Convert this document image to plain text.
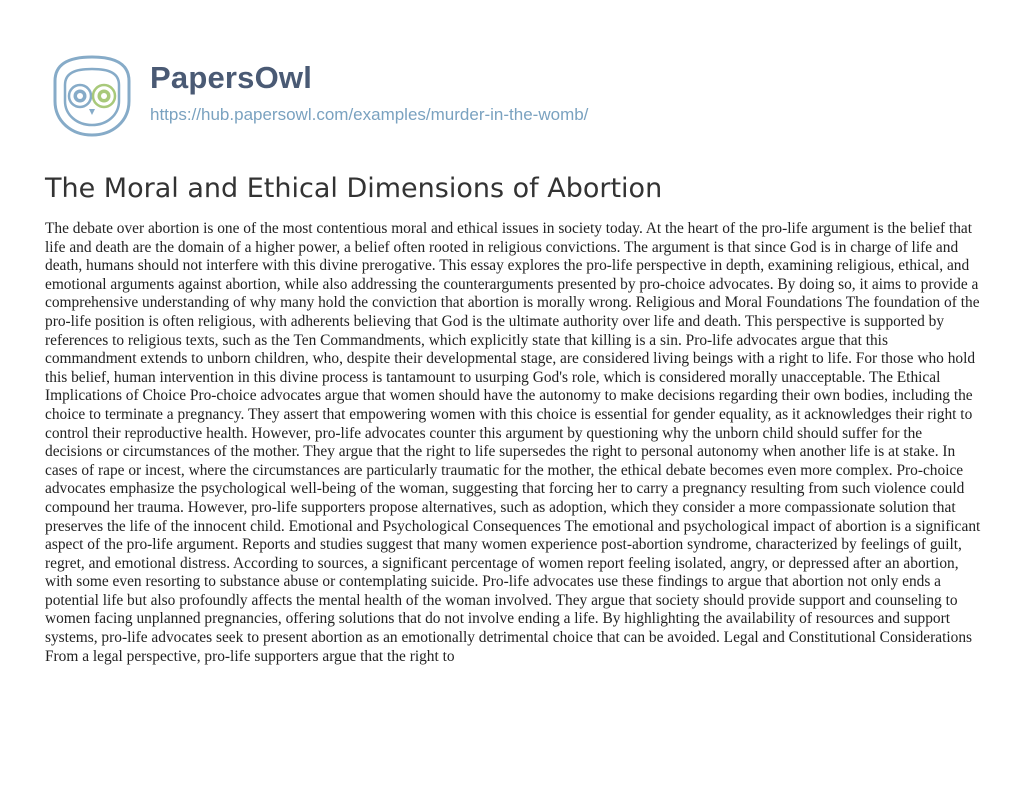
PapersOwl
https://hub.papersowl.com/examples/murder-in-the-womb/
The Moral and Ethical Dimensions of Abortion

The debate over abortion is one of the most contentious moral and ethical issues in society today. At the heart of the pro-life argument is the belief that life and death are the domain of a higher power, a belief often rooted in religious convictions. The argument is that since God is in charge of life and death, humans should not interfere with this divine prerogative. This essay explores the pro-life perspective in depth, examining religious, ethical, and emotional arguments against abortion, while also addressing the counterarguments presented by pro-choice advocates. By doing so, it aims to provide a comprehensive understanding of why many hold the conviction that abortion is morally wrong. Religious and Moral Foundations The foundation of the pro-life position is often religious, with adherents believing that God is the ultimate authority over life and death. This perspective is supported by references to religious texts, such as the Ten Commandments, which explicitly state that killing is a sin. Pro-life advocates argue that this commandment extends to unborn children, who, despite their developmental stage, are considered living beings with a right to life. For those who hold this belief, human intervention in this divine process is tantamount to usurping God's role, which is considered morally unacceptable. The Ethical Implications of Choice Pro-choice advocates argue that women should have the autonomy to make decisions regarding their own bodies, including the choice to terminate a pregnancy. They assert that empowering women with this choice is essential for gender equality, as it acknowledges their right to control their reproductive health. However, pro-life advocates counter this argument by questioning why the unborn child should suffer for the decisions or circumstances of the mother. They argue that the right to life supersedes the right to personal autonomy when another life is at stake. In cases of rape or incest, where the circumstances are particularly traumatic for the mother, the ethical debate becomes even more complex. Pro-choice advocates emphasize the psychological well-being of the woman, suggesting that forcing her to carry a pregnancy resulting from such violence could compound her trauma. However, pro-life supporters propose alternatives, such as adoption, which they consider a more compassionate solution that preserves the life of the innocent child. Emotional and Psychological Consequences The emotional and psychological impact of abortion is a significant aspect of the pro-life argument. Reports and studies suggest that many women experience post-abortion syndrome, characterized by feelings of guilt, regret, and emotional distress. According to sources, a significant percentage of women report feeling isolated, angry, or depressed after an abortion, with some even resorting to substance abuse or contemplating suicide. Pro-life advocates use these findings to argue that abortion not only ends a potential life but also profoundly affects the mental health of the woman involved. They argue that society should provide support and counseling to women facing unplanned pregnancies, offering solutions that do not involve ending a life. By highlighting the availability of resources and support systems, pro-life advocates seek to present abortion as an emotionally detrimental choice that can be avoided. Legal and Constitutional Considerations From a legal perspective, pro-life supporters argue that the right to
